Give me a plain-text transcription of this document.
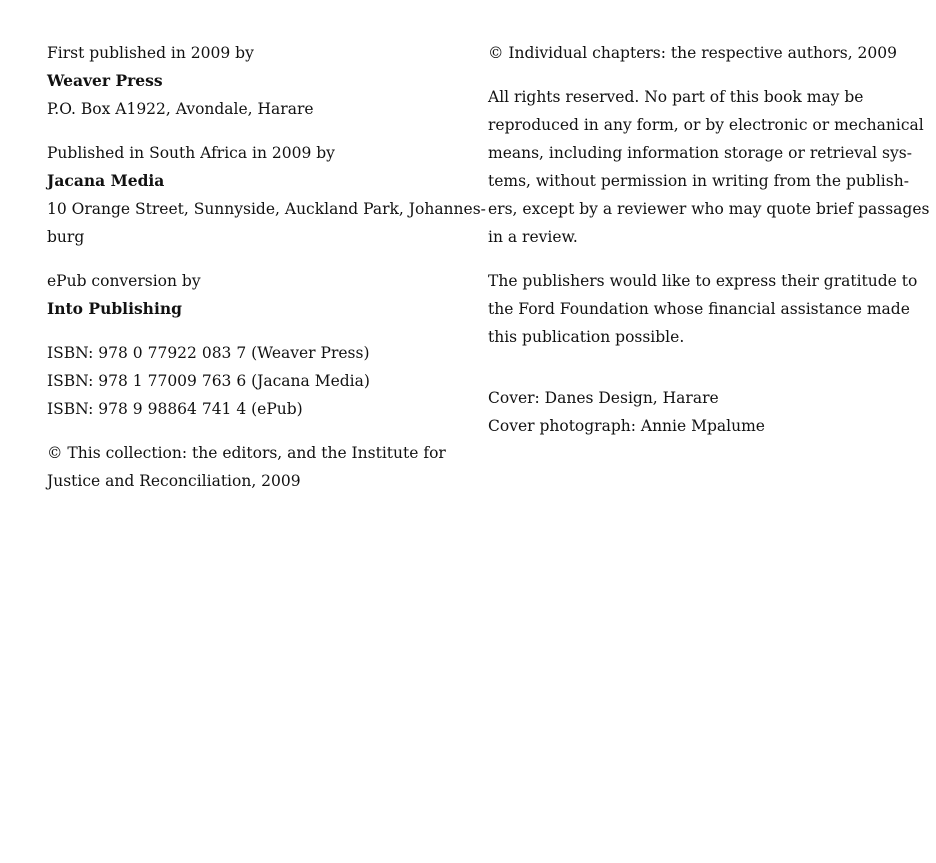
First published in 2009 by
Weaver Press
P.O. Box A1922, Avondale, Harare

Published in South Africa in 2009 by
Jacana Media
10 Orange Street, Sunnyside, Auckland Park, Johannes-
burg

ePub conversion by
Into Publishing

ISBN: 978 0 77922 083 7 (Weaver Press)
ISBN: 978 1 77009 763 6 (Jacana Media)
ISBN: 978 9 98864 741 4 (ePub)

© This collection: the editors, and the Institute for
Justice and Reconciliation, 2009

© Individual chapters: the respective authors, 2009

All rights reserved. No part of this book may be
reproduced in any form, or by electronic or mechanical
means, including information storage or retrieval sys-
tems, without permission in writing from the publish-
ers, except by a reviewer who may quote brief passages
in a review.

The publishers would like to express their gratitude to
the Ford Foundation whose financial assistance made
this publication possible.

Cover: Danes Design, Harare
Cover photograph: Annie Mpalume
